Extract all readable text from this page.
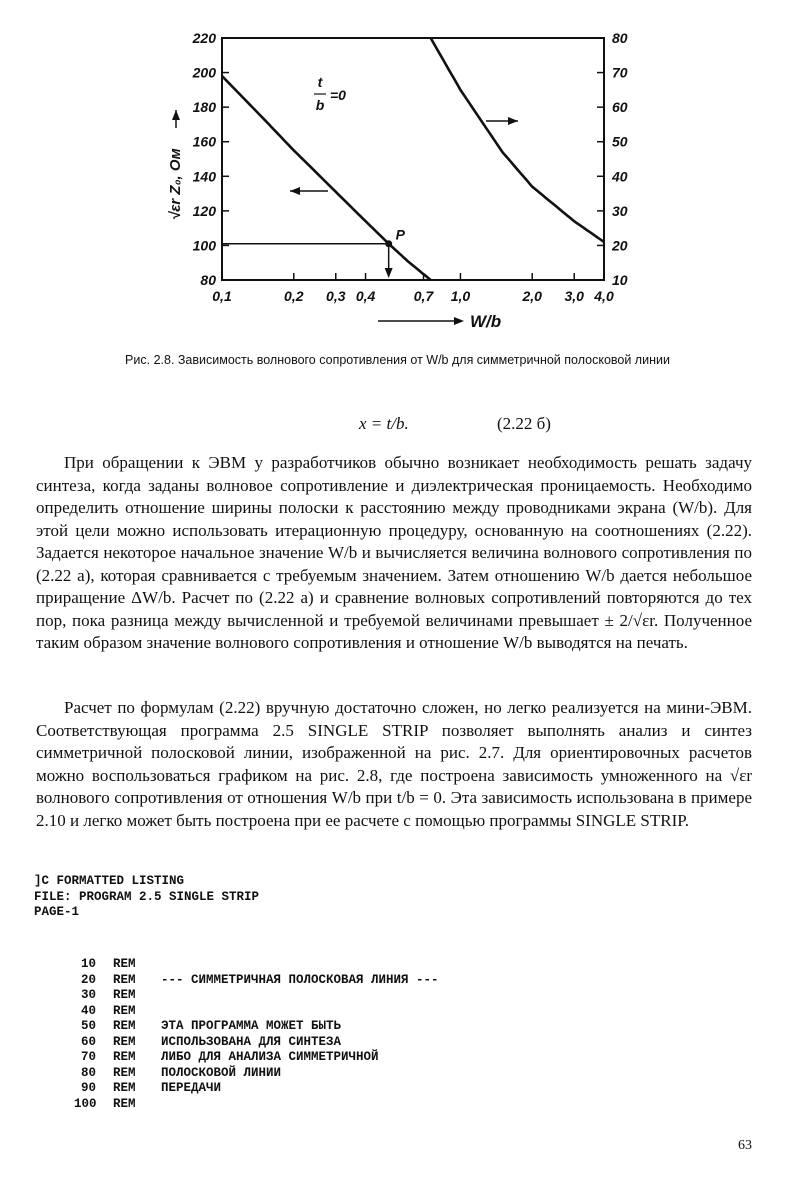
220
200
180
160
140
120
100
80
80
70
60
50
40
30
20
10
0,1	0,2 0,3 0,4	0,7 1,0	2,0 3,0 4,0
P
t
b
=0
√εr Z₀, Ом
W/b
Рис. 2.8. Зависимость волнового сопротивления от W/b для симметричной полосковой линии
x = t/b.	(2.22 б)

При обращении к ЭВМ у разработчиков обычно возникает необходимость решать задачу синтеза, когда заданы волновое сопротивление и диэлектрическая проницаемость. Необходимо определить отношение ширины полоски к расстоянию между проводниками экрана (W/b). Для этой цели можно использовать итерационную процедуру, основанную на соотношениях (2.22). Задается некоторое начальное значение W/b и вычисляется величина волнового сопротивления по (2.22 а), которая сравнивается с требуемым значением. Затем отношению W/b дается небольшое приращение ΔW/b. Расчет по (2.22 а) и сравнение волновых сопротивлений повторяются до тех пор, пока разница между вычисленной и требуемой величинами превышает ± 2/√εr. Полученное таким образом значение волнового сопротивления и отношение W/b выводятся на печать.

Расчет по формулам (2.22) вручную достаточно сложен, но легко реализуется на мини-ЭВМ. Соответствующая программа 2.5 SINGLE STRIP позволяет выполнять анализ и синтез симметричной полосковой линии, изображенной на рис. 2.7. Для ориентировочных расчетов можно воспользоваться графиком на рис. 2.8, где построена зависимость умноженного на √εr волнового сопротивления от отношения W/b при t/b = 0. Эта зависимость использована в примере 2.10 и легко может быть построена при ее расчете с помощью программы SINGLE STRIP.

]C FORMATTED LISTING
FILE: PROGRAM 2.5 SINGLE STRIP
PAGE-1
10 REM
20 REM --- СИММЕТРИЧНАЯ ПОЛОСКОВАЯ ЛИНИЯ ---
30 REM
40 REM
50 REM ЭТА ПРОГРАММА МОЖЕТ БЫТЬ
60 REM ИСПОЛЬЗОВАНА ДЛЯ СИНТЕЗА
70 REM ЛИБО ДЛЯ АНАЛИЗА СИММЕТРИЧНОЙ
80 REM ПОЛОСКОВОЙ ЛИНИИ
90 REM ПЕРЕДАЧИ
100 REM
63
